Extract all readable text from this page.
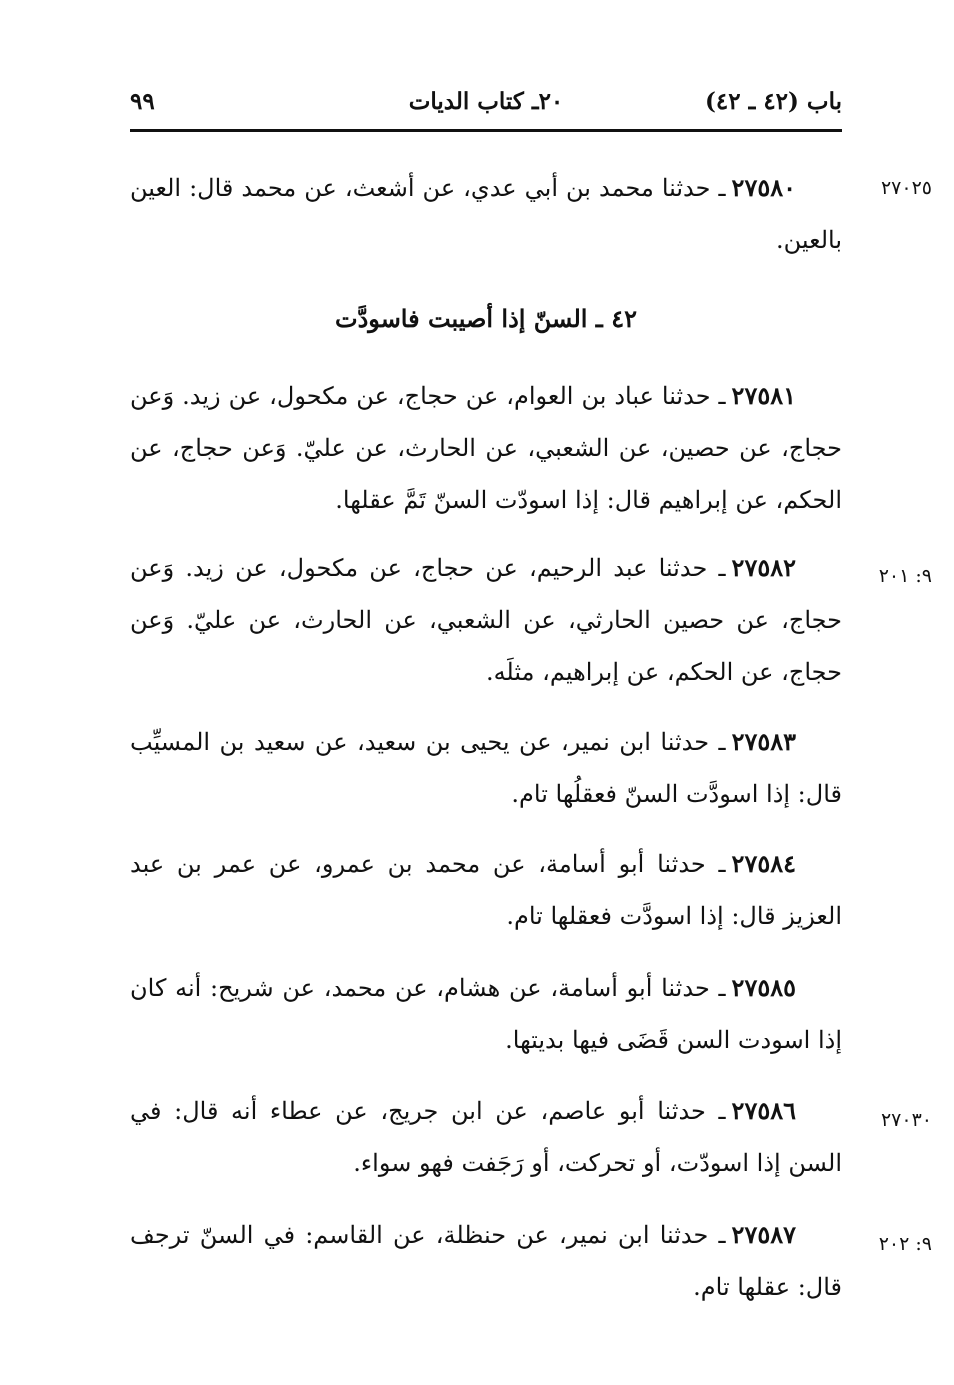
باب (٤٢ ـ ٤٢)
٢٠ـ كتاب الديات
٩٩

٢٧٥٨٠ـ حدثنا محمد بن أبي عدي، عن أشعث، عن محمد قال: العين بالعين.

٢٧٠٢٥
٤٢ ـ السنّ إذا أصيبت فاسودَّت

٢٧٥٨١ـ حدثنا عباد بن العوام، عن حجاج، عن مكحول، عن زيد. وَعن حجاج، عن حصين، عن الشعبي، عن الحارث، عن عليّ. وَعن حجاج، عن الحكم، عن إبراهيم قال: إذا اسودّت السنّ تَمَّ عقلها.

٢٧٥٨٢ـ حدثنا عبد الرحيم، عن حجاج، عن مكحول، عن زيد. وَعن حجاج، عن حصين الحارثي، عن الشعبي، عن الحارث، عن عليّ. وَعن حجاج، عن الحكم، عن إبراهيم، مثلَه.

٩: ٢٠١

٢٧٥٨٣ـ حدثنا ابن نمير، عن يحيى بن سعيد، عن سعيد بن المسيِّب قال: إذا اسودَّت السنّ فعقلُها تام.

٢٧٥٨٤ـ حدثنا أبو أسامة، عن محمد بن عمرو، عن عمر بن عبد العزيز قال: إذا اسودَّت فعقلها تام.

٢٧٥٨٥ـ حدثنا أبو أسامة، عن هشام، عن محمد، عن شريح: أنه كان إذا اسودت السن قَضَى فيها بديتها.

٢٧٥٨٦ـ حدثنا أبو عاصم، عن ابن جريج، عن عطاء أنه قال: في السن إذا اسودّت، أو تحركت، أو رَجَفت فهو سواء.

٢٧٠٣٠

٢٧٥٨٧ـ حدثنا ابن نمير، عن حنظلة، عن القاسم: في السنّ ترجف قال: عقلها تام.

٩: ٢٠٢
